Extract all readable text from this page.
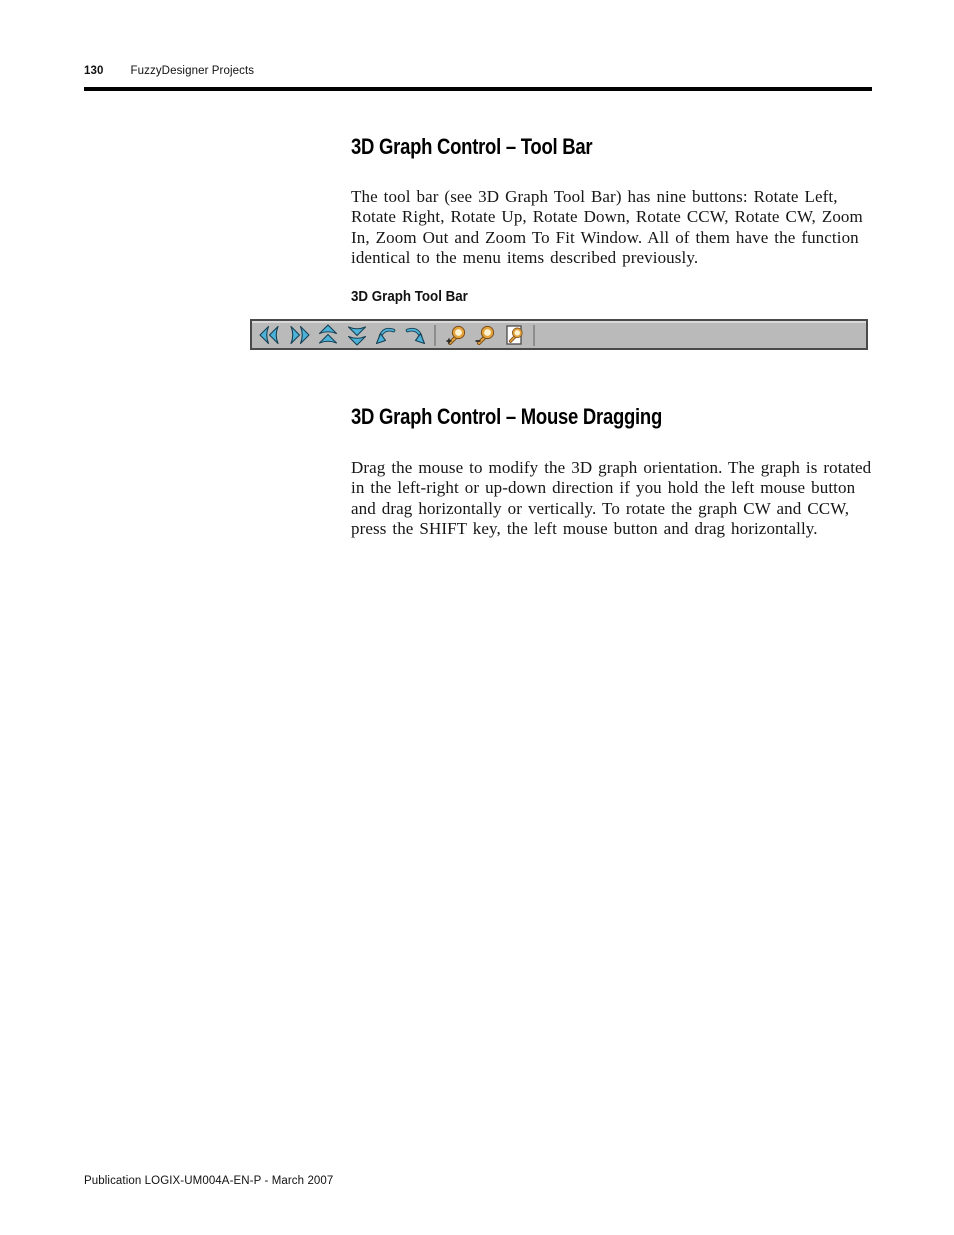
130 FuzzyDesigner Projects
3D Graph Control – Tool Bar

The tool bar (see 3D Graph Tool Bar) has nine buttons: Rotate Left, Rotate Right, Rotate Up, Rotate Down, Rotate CCW, Rotate CW, Zoom In, Zoom Out and Zoom To Fit Window. All of them have the function identical to the menu items described previously.

3D Graph Tool Bar
3D Graph Control – Mouse Dragging

Drag the mouse to modify the 3D graph orientation. The graph is rotated in the left-right or up-down direction if you hold the left mouse button and drag horizontally or vertically. To rotate the graph CW and CCW, press the SHIFT key, the left mouse button and drag horizontally.

Publication LOGIX-UM004A-EN-P - March 2007
